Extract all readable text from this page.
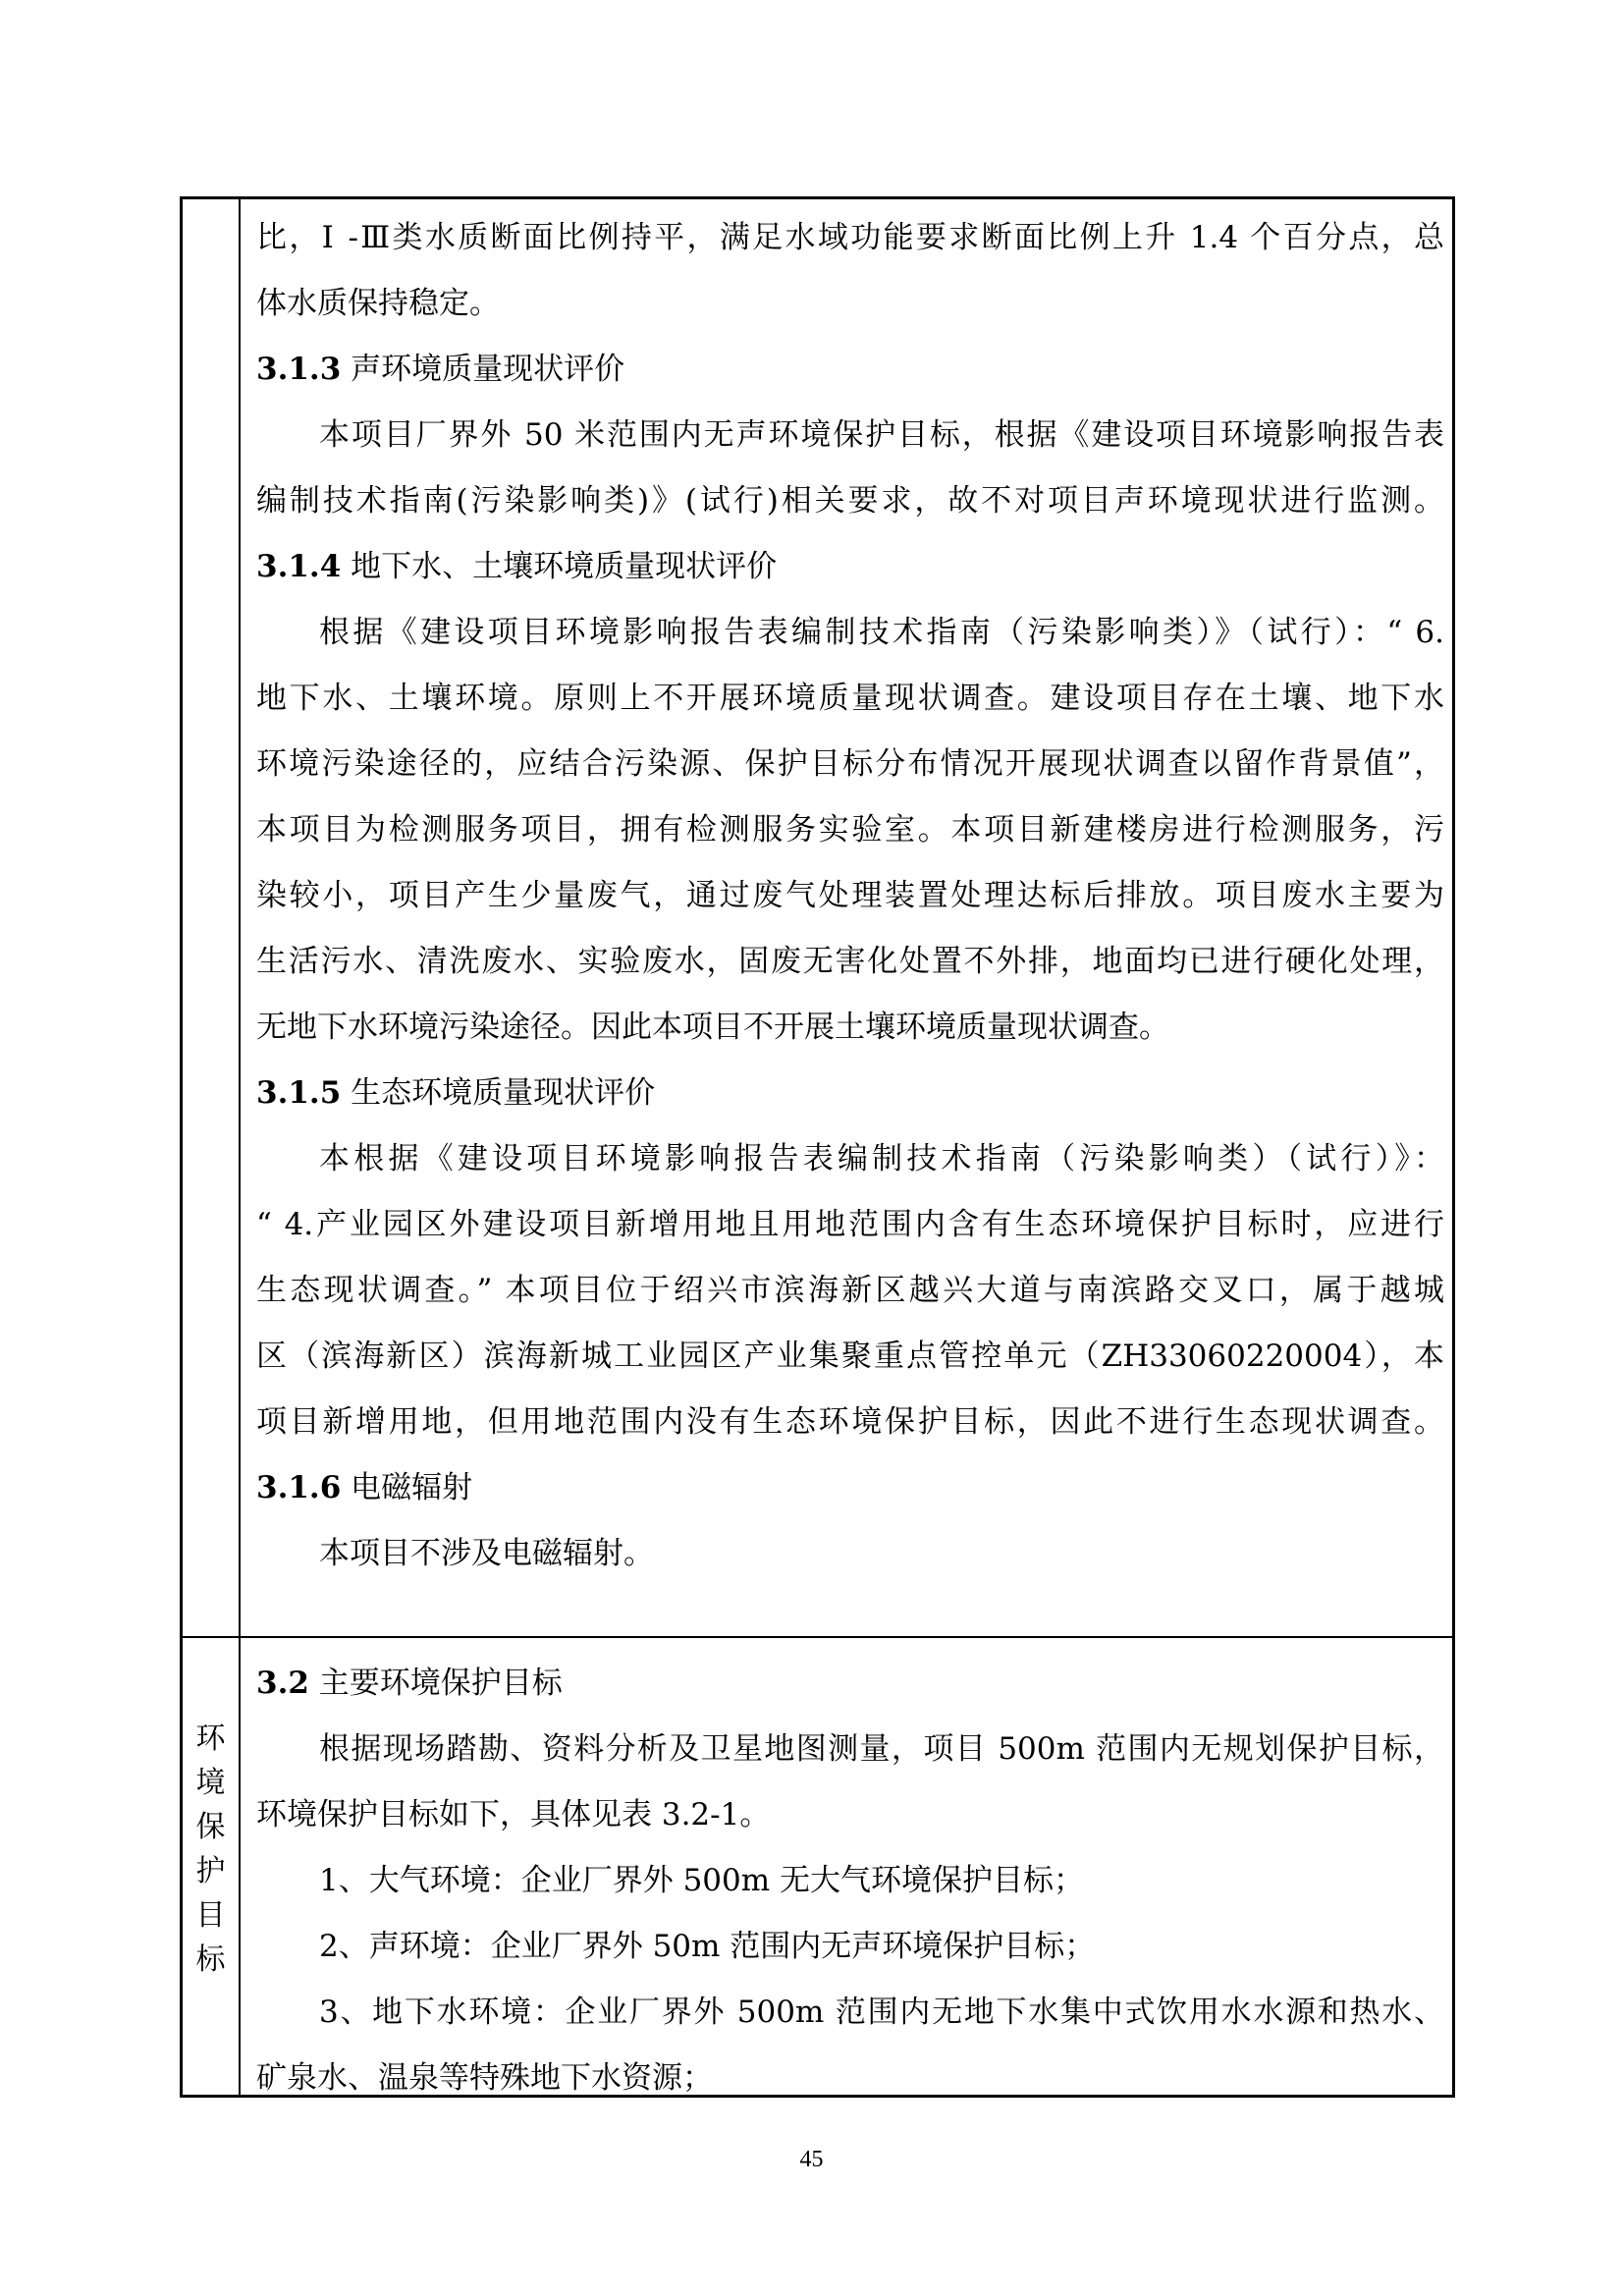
比，Ⅰ -Ⅲ类水质断面比例持平，满足水域功能要求断面比例上升 1.4 个百分点，总

体水质保持稳定。

3.1.3 声环境质量现状评价

本项目厂界外 50 米范围内无声环境保护目标，根据《建设项目环境影响报告表

编制技术指南(污染影响类)》(试行)相关要求，故不对项目声环境现状进行监测。

3.1.4 地下水、土壤环境质量现状评价

根据《建设项目环境影响报告表编制技术指南（污染影响类）》（试行）：“ 6.

地下水、土壤环境。原则上不开展环境质量现状调查。建设项目存在土壤、地下水

环境污染途径的，应结合污染源、保护目标分布情况开展现状调查以留作背景值”，

本项目为检测服务项目，拥有检测服务实验室。本项目新建楼房进行检测服务，污

染较小，项目产生少量废气，通过废气处理装置处理达标后排放。项目废水主要为

生活污水、清洗废水、实验废水，固废无害化处置不外排，地面均已进行硬化处理，

无地下水环境污染途径。因此本项目不开展土壤环境质量现状调查。

3.1.5 生态环境质量现状评价

本根据《建设项目环境影响报告表编制技术指南（污染影响类）（试行）》：

“ 4.产业园区外建设项目新增用地且用地范围内含有生态环境保护目标时，应进行

生态现状调查。” 本项目位于绍兴市滨海新区越兴大道与南滨路交叉口，属于越城

区（滨海新区）滨海新城工业园区产业集聚重点管控单元（ZH33060220004），本

项目新增用地，但用地范围内没有生态环境保护目标，因此不进行生态现状调查。

3.1.6 电磁辐射

本项目不涉及电磁辐射。

环
境
保
护
目
标

3.2 主要环境保护目标

根据现场踏勘、资料分析及卫星地图测量，项目 500m 范围内无规划保护目标，

环境保护目标如下，具体见表 3.2-1。

1、大气环境：企业厂界外 500m 无大气环境保护目标；

2、声环境：企业厂界外 50m 范围内无声环境保护目标；

3、地下水环境：企业厂界外 500m 范围内无地下水集中式饮用水水源和热水、

矿泉水、温泉等特殊地下水资源；

45
